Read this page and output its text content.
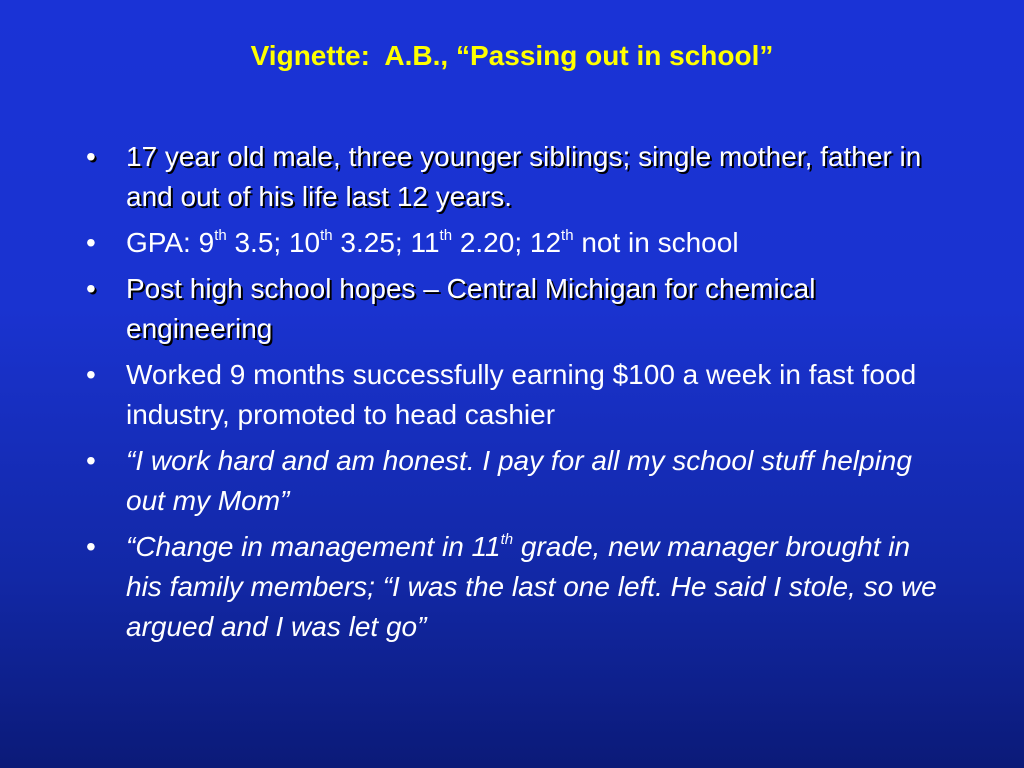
Vignette:  A.B., “Passing out in school”
•	17 year old male, three younger siblings; single mother, father in and out of his life last 12 years.
•	GPA: 9th 3.5; 10th 3.25; 11th 2.20; 12th not in school
•	Post high school hopes – Central Michigan for chemical engineering
•	Worked 9 months successfully earning $100 a week in fast food industry, promoted to head cashier
•	“I work hard and am honest. I pay for all my school stuff helping out my Mom”
•	“Change in management in 11th grade, new manager brought in his family members; “I was the last one left. He said I stole, so we argued and I was let go”
